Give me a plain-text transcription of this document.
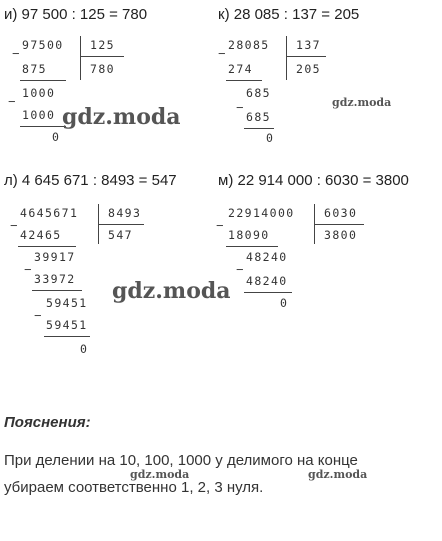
и) 97 500 : 125 = 780
−
97500 125
780
875
−
1000
1000
0
к) 28 085 : 137 = 205
−
28085 137
205
274
−
685
685
0
gdz.moda
gdz.moda
л) 4 645 671 : 8493 = 547
−
4645671	8493
547
42465
−
39917
33972
−
59451
59451
0
м) 22 914 000 : 6030 = 3800
−
22914000	6030
3800
18090
−
48240
48240
0
gdz.moda
Пояснения:
При делении на 10, 100, 1000 у делимого на конце
убираем соответственно 1, 2, 3 нуля.
gdz.moda	gdz.moda
